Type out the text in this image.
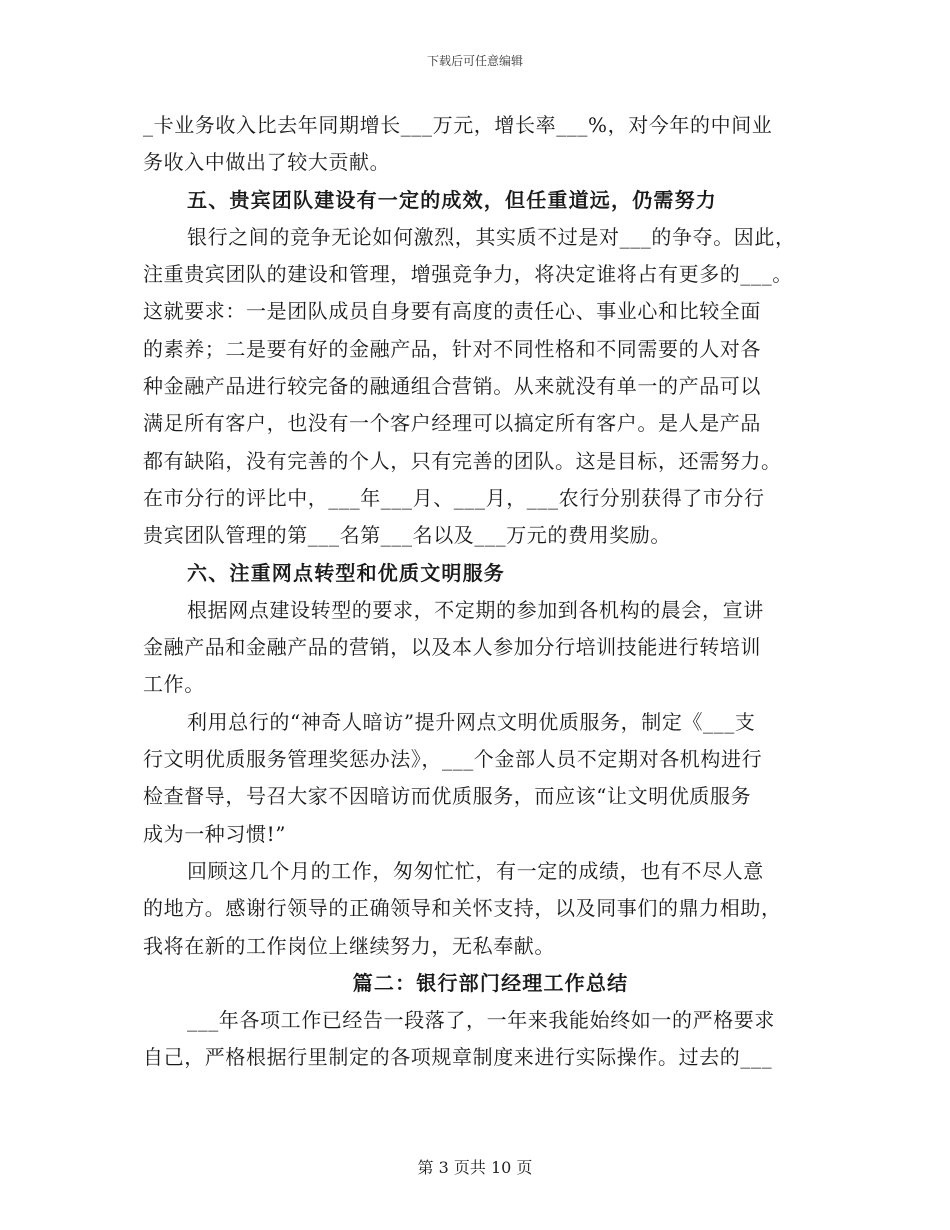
下载后可任意编辑
_卡业务收入比去年同期增长___万元，增长率___%，对今年的中间业
务收入中做出了较大贡献。
五、贵宾团队建设有一定的成效，但任重道远，仍需努力
银行之间的竞争无论如何激烈，其实质不过是对___的争夺。因此，
注重贵宾团队的建设和管理，增强竞争力，将决定谁将占有更多的___。
这就要求：一是团队成员自身要有高度的责任心、事业心和比较全面
的素养；二是要有好的金融产品，针对不同性格和不同需要的人对各
种金融产品进行较完备的融通组合营销。从来就没有单一的产品可以
满足所有客户，也没有一个客户经理可以搞定所有客户。是人是产品
都有缺陷，没有完善的个人，只有完善的团队。这是目标，还需努力。
在市分行的评比中，___年___月、___月，___农行分别获得了市分行
贵宾团队管理的第___名第___名以及___万元的费用奖励。
六、注重网点转型和优质文明服务
根据网点建设转型的要求，不定期的参加到各机构的晨会，宣讲
金融产品和金融产品的营销，以及本人参加分行培训技能进行转培训
工作。
利用总行的“神奇人暗访”提升网点文明优质服务，制定《___支
行文明优质服务管理奖惩办法》，___个金部人员不定期对各机构进行
检查督导，号召大家不因暗访而优质服务，而应该“让文明优质服务
成为一种习惯!”
回顾这几个月的工作，匆匆忙忙，有一定的成绩，也有不尽人意
的地方。感谢行领导的正确领导和关怀支持，以及同事们的鼎力相助，
我将在新的工作岗位上继续努力，无私奉献。
篇二：银行部门经理工作总结
___年各项工作已经告一段落了，一年来我能始终如一的严格要求
自己，严格根据行里制定的各项规章制度来进行实际操作。过去的___
第 3 页共 10 页
